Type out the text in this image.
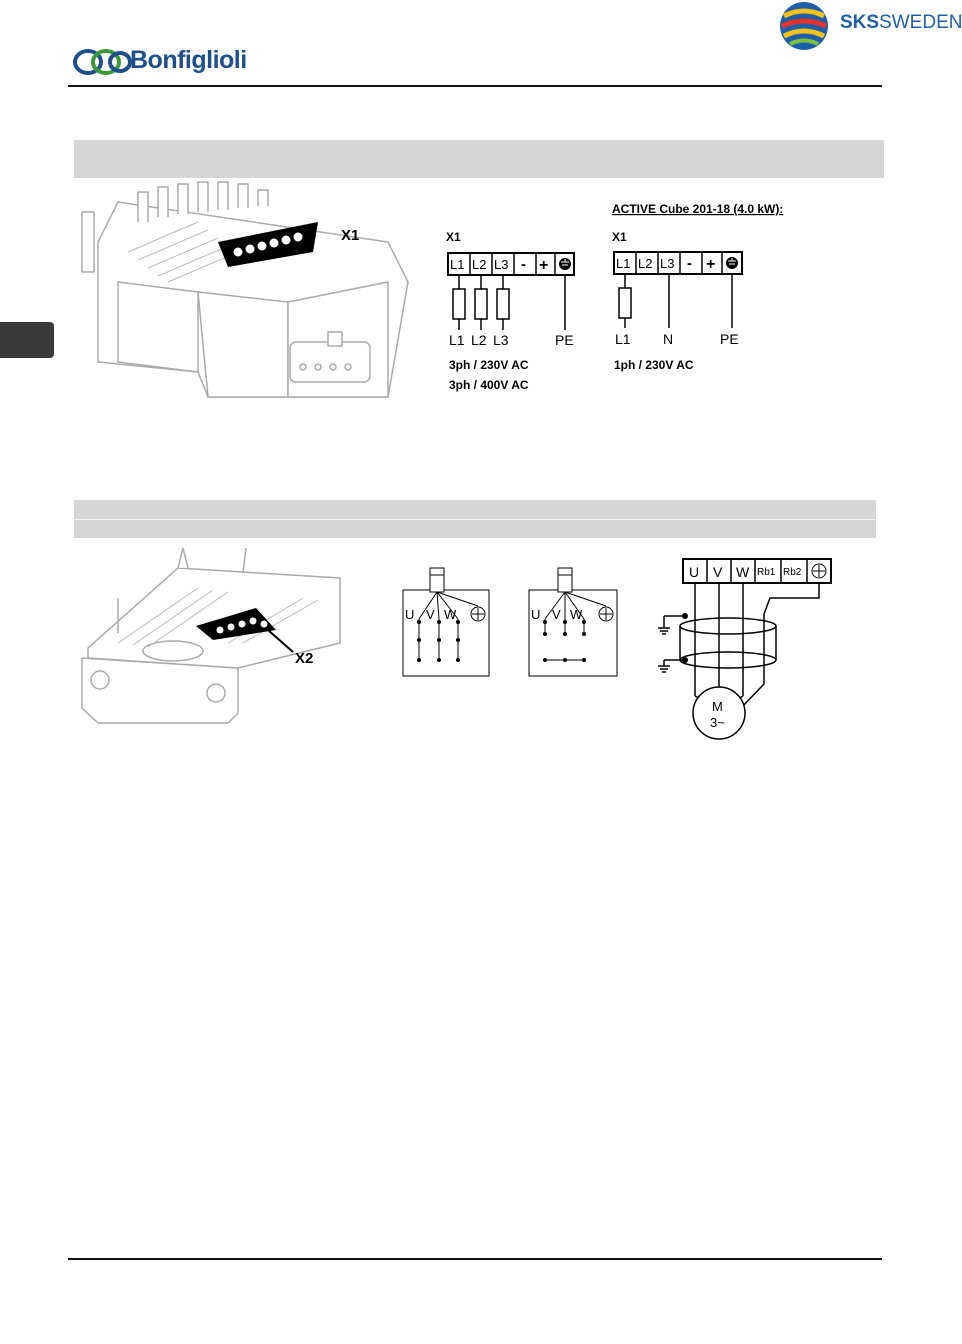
Bonfiglioli
SKSSWEDEN
X1	X1
L1 L2 L3 - +
L1 L2 L3	PE
3ph / 230V AC
3ph / 400V AC
ACTIVE Cube 201-18 (4.0 kW):
X1
L1 L2 L3 - +
L1 N	PE
1ph / 230V AC
X2
U V W	U V W
U V W Rb1 Rb2
M
3~
